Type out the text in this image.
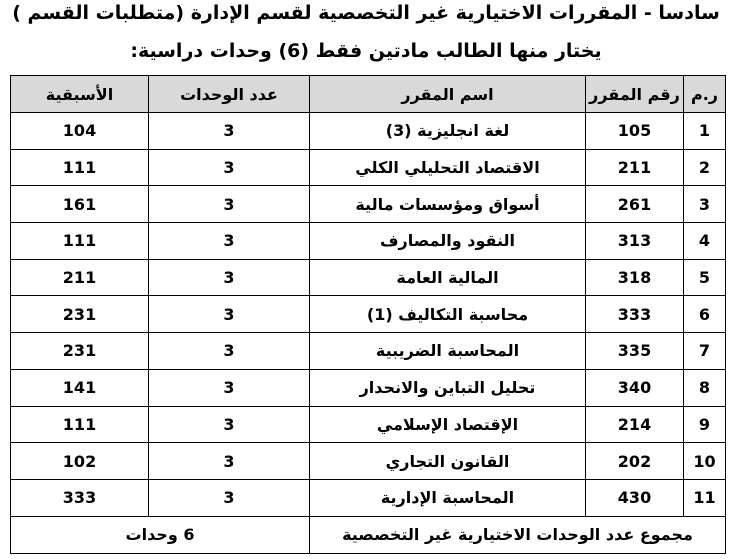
سادسا - المقررات الاختيارية غير التخصصية لقسم الإدارة (متطلبات القسم )
يختار منها الطالب مادتين فقط (6) وحدات دراسية:
ر.م	رقم المقرر	اسم المقرر	عدد الوحدات	الأسبقية
1	105	لغة انجليزية (3)	3	104
2	211	الاقتصاد التحليلي الكلي	3	111
3	261	أسواق ومؤسسات مالية	3	161
4	313	النقود والمصارف	3	111
5	318	المالية العامة	3	211
6	333	محاسبة التكاليف (1)	3	231
7	335	المحاسبة الضريبية	3	231
8	340	تحليل التباين والانحدار	3	141
9	214	الإقتصاد الإسلامي	3	111
10	202	القانون التجاري	3	102
11	430	المحاسبة الإدارية	3	333
مجموع عدد الوحدات الاختيارية غير التخصصية			6 وحدات	
